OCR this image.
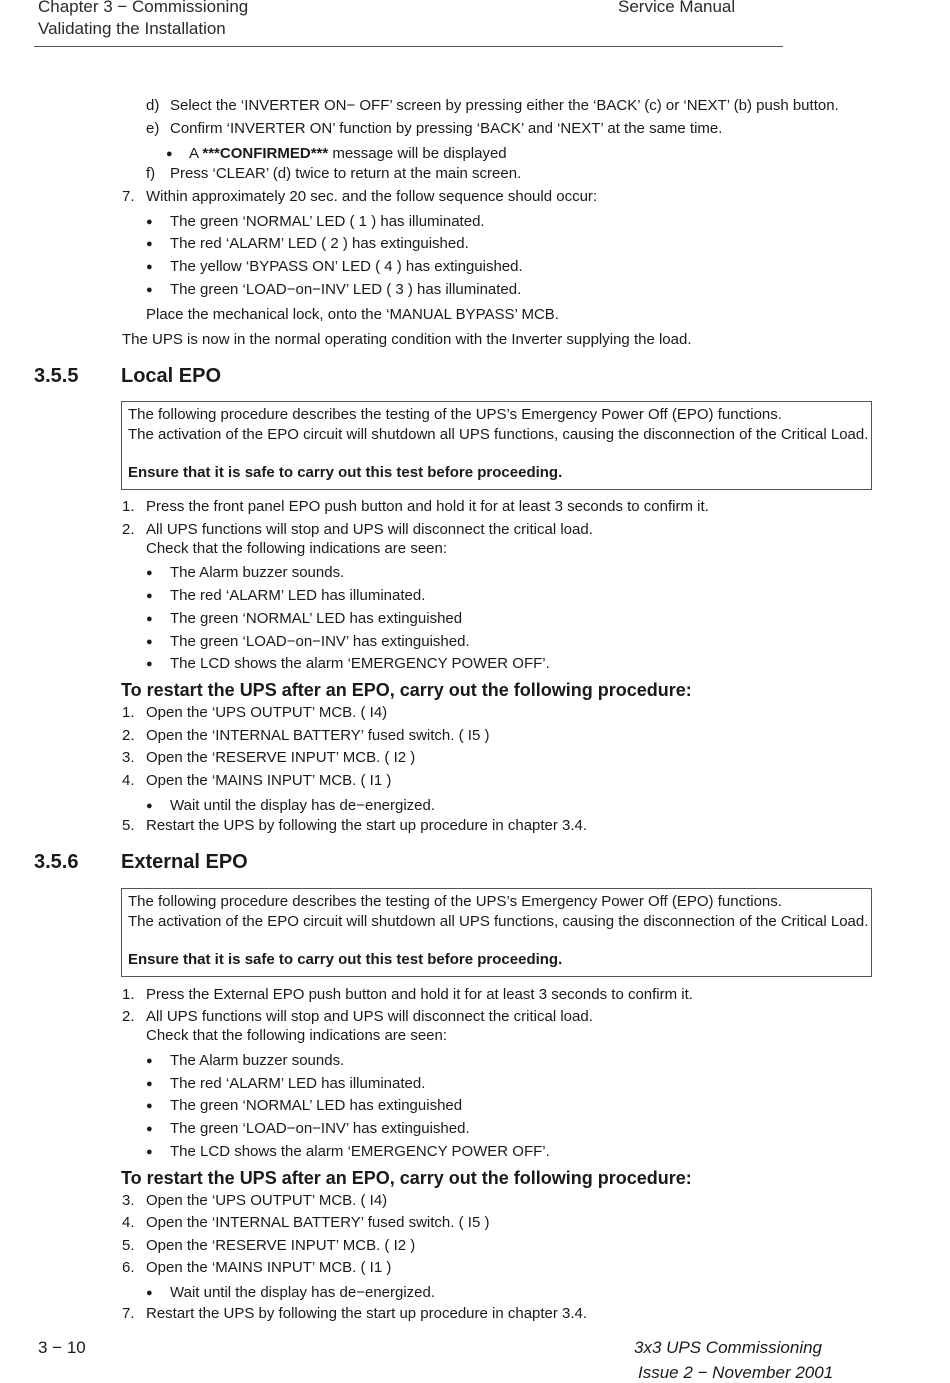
Chapter 3 − Commissioning
Validating the Installation
Service Manual
d) Select the ‘INVERTER ON− OFF’ screen by pressing either the ‘BACK’ (c) or ‘NEXT’ (b) push button.
e) Confirm ‘INVERTER ON’ function by pressing ‘BACK’ and ‘NEXT’ at the same time.
● A ***CONFIRMED*** message will be displayed
f) Press ‘CLEAR’ (d) twice to return at the main screen.
7. Within approximately 20 sec. and the follow sequence should occur:
● The green ‘NORMAL’ LED ( 1 ) has illuminated.
● The red ‘ALARM’ LED ( 2 ) has extinguished.
● The yellow ‘BYPASS ON’ LED ( 4 ) has extinguished.
● The green ‘LOAD−on−INV’ LED ( 3 ) has illuminated.
Place the mechanical lock, onto the ‘MANUAL BYPASS’ MCB.
The UPS is now in the normal operating condition with the Inverter supplying the load.
3.5.5 Local EPO
The following procedure describes the testing of the UPS’s Emergency Power Off (EPO) functions.
The activation of the EPO circuit will shutdown all UPS functions, causing the disconnection of the Critical Load.
Ensure that it is safe to carry out this test before proceeding.
1. Press the front panel EPO push button and hold it for at least 3 seconds to confirm it.
2. All UPS functions will stop and UPS will disconnect the critical load.
Check that the following indications are seen:
● The Alarm buzzer sounds.
● The red ‘ALARM’ LED has illuminated.
● The green ‘NORMAL’ LED has extinguished
● The green ‘LOAD−on−INV’ has extinguished.
● The LCD shows the alarm ‘EMERGENCY POWER OFF’.
To restart the UPS after an EPO, carry out the following procedure:
1. Open the ‘UPS OUTPUT’ MCB. ( I4)
2. Open the ‘INTERNAL BATTERY’ fused switch. ( I5 )
3. Open the ‘RESERVE INPUT’ MCB. ( I2 )
4. Open the ‘MAINS INPUT’ MCB. ( I1 )
● Wait until the display has de−energized.
5. Restart the UPS by following the start up procedure in chapter 3.4.
3.5.6 External EPO
The following procedure describes the testing of the UPS’s Emergency Power Off (EPO) functions.
The activation of the EPO circuit will shutdown all UPS functions, causing the disconnection of the Critical Load.
Ensure that it is safe to carry out this test before proceeding.
1. Press the External EPO push button and hold it for at least 3 seconds to confirm it.
2. All UPS functions will stop and UPS will disconnect the critical load.
Check that the following indications are seen:
● The Alarm buzzer sounds.
● The red ‘ALARM’ LED has illuminated.
● The green ‘NORMAL’ LED has extinguished
● The green ‘LOAD−on−INV’ has extinguished.
● The LCD shows the alarm ‘EMERGENCY POWER OFF’.
To restart the UPS after an EPO, carry out the following procedure:
3. Open the ‘UPS OUTPUT’ MCB. ( I4)
4. Open the ‘INTERNAL BATTERY’ fused switch. ( I5 )
5. Open the ‘RESERVE INPUT’ MCB. ( I2 )
6. Open the ‘MAINS INPUT’ MCB. ( I1 )
● Wait until the display has de−energized.
7. Restart the UPS by following the start up procedure in chapter 3.4.
3 − 10	3x3 UPS Commissioning
Issue 2 − November 2001
